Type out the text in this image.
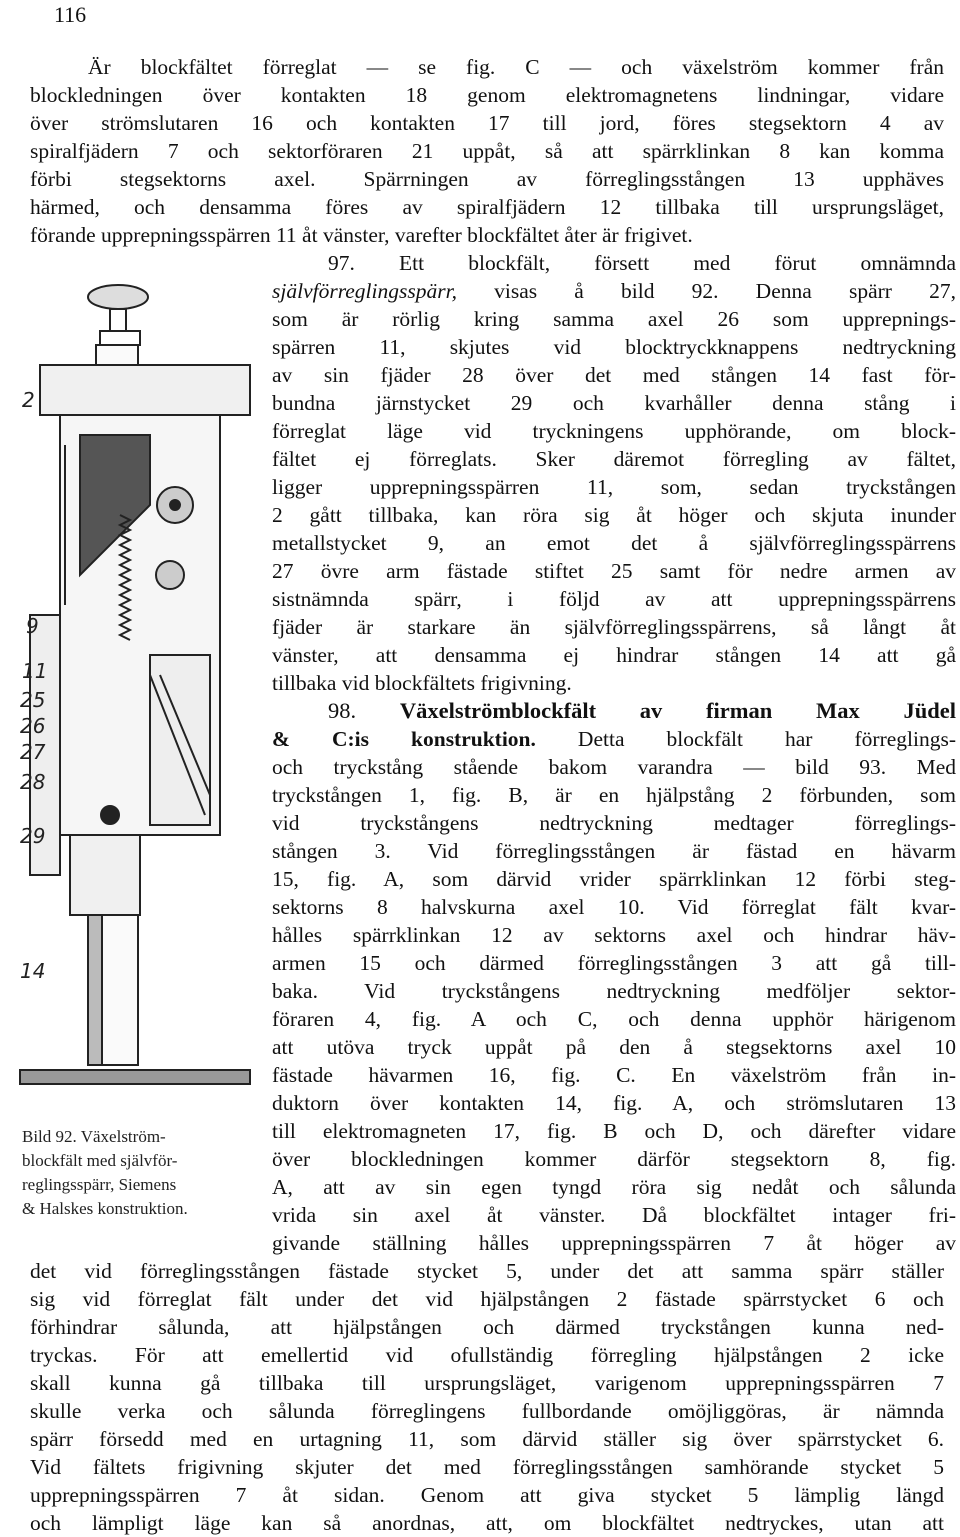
116
Är blockfältet förreglat — se fig. C — och växelström kommer från
blockledningen över kontakten 18 genom elektromagnetens lindningar, vidare
över strömslutaren 16 och kontakten 17 till jord, föres stegsektorn 4 av
spiralfjädern 7 och sektorföraren 21 uppåt, så att spärrklinkan 8 kan komma
förbi stegsektorns axel. Spärrningen av förreglingsstången 13 upphäves
härmed, och densamma föres av spiralfjädern 12 tillbaka till ursprungsläget,
förande upprepningsspärren 11 åt vänster, varefter blockfältet åter är frigivet.
2
9
11
25
26
27
28
29
14
Bild 92. Växelström-
blockfält med självför-
reglingsspärr, Siemens
& Halskes konstruktion.
97. Ett blockfält, försett med förut omnämnda
självförreglingsspärr, visas å bild 92. Denna spärr 27,
som är rörlig kring samma axel 26 som upprepnings-
spärren 11, skjutes vid blocktryckknappens nedtryckning
av sin fjäder 28 över det med stången 14 fast för-
bundna järnstycket 29 och kvarhåller denna stång i
förreglat läge vid tryckningens upphörande, om block-
fältet ej förreglats. Sker däremot förregling av fältet,
ligger upprepningsspärren 11, som, sedan tryckstången
2 gått tillbaka, kan röra sig åt höger och skjuta inunder
metallstycket 9, an emot det å självförreglingsspärrens
27 övre arm fästade stiftet 25 samt för nedre armen av
sistnämnda spärr, i följd av att upprepningsspärrens
fjäder är starkare än självförreglingsspärrens, så långt åt
vänster, att densamma ej hindrar stången 14 att gå
tillbaka vid blockfältets frigivning.
98. Växelströmblockfält av firman Max Jüdel
& C:is konstruktion. Detta blockfält har förreglings-
och tryckstång stående bakom varandra — bild 93. Med
tryckstången 1, fig. B, är en hjälpstång 2 förbunden, som
vid tryckstångens nedtryckning medtager förreglings-
stången 3. Vid förreglingsstången är fästad en hävarm
15, fig. A, som därvid vrider spärrklinkan 12 förbi steg-
sektorns 8 halvskurna axel 10. Vid förreglat fält kvar-
hålles spärrklinkan 12 av sektorns axel och hindrar häv-
armen 15 och därmed förreglingsstången 3 att gå till-
baka. Vid tryckstångens nedtryckning medföljer sektor-
föraren 4, fig. A och C, och denna upphör härigenom
att utöva tryck uppåt på den å stegsektorns axel 10
fästade hävarmen 16, fig. C. En växelström från in-
duktorn över kontakten 14, fig. A, och strömslutaren 13
till elektromagneten 17, fig. B och D, och därefter vidare
över blockledningen kommer därför stegsektorn 8, fig.
A, att av sin egen tyngd röra sig nedåt och sålunda
vrida sin axel åt vänster. Då blockfältet intager fri-
givande ställning hålles upprepningsspärren 7 åt höger av
det vid förreglingsstången fästade stycket 5, under det att samma spärr ställer
sig vid förreglat fält under det vid hjälpstången 2 fästade spärrstycket 6 och
förhindrar sålunda, att hjälpstången och därmed tryckstången kunna ned-
tryckas. För att emellertid vid ofullständig förregling hjälpstången 2 icke
skall kunna gå tillbaka till ursprungsläget, varigenom upprepningsspärren 7
skulle verka och sålunda förreglingens fullbordande omöjliggöras, är nämnda
spärr försedd med en urtagning 11, som därvid ställer sig över spärrstycket 6.
Vid fältets frigivning skjuter det med förreglingsstången samhörande stycket 5
upprepningsspärren 7 åt sidan. Genom att giva stycket 5 lämplig längd
och lämpligt läge kan så anordnas, att, om blockfältet nedtryckes, utan att
